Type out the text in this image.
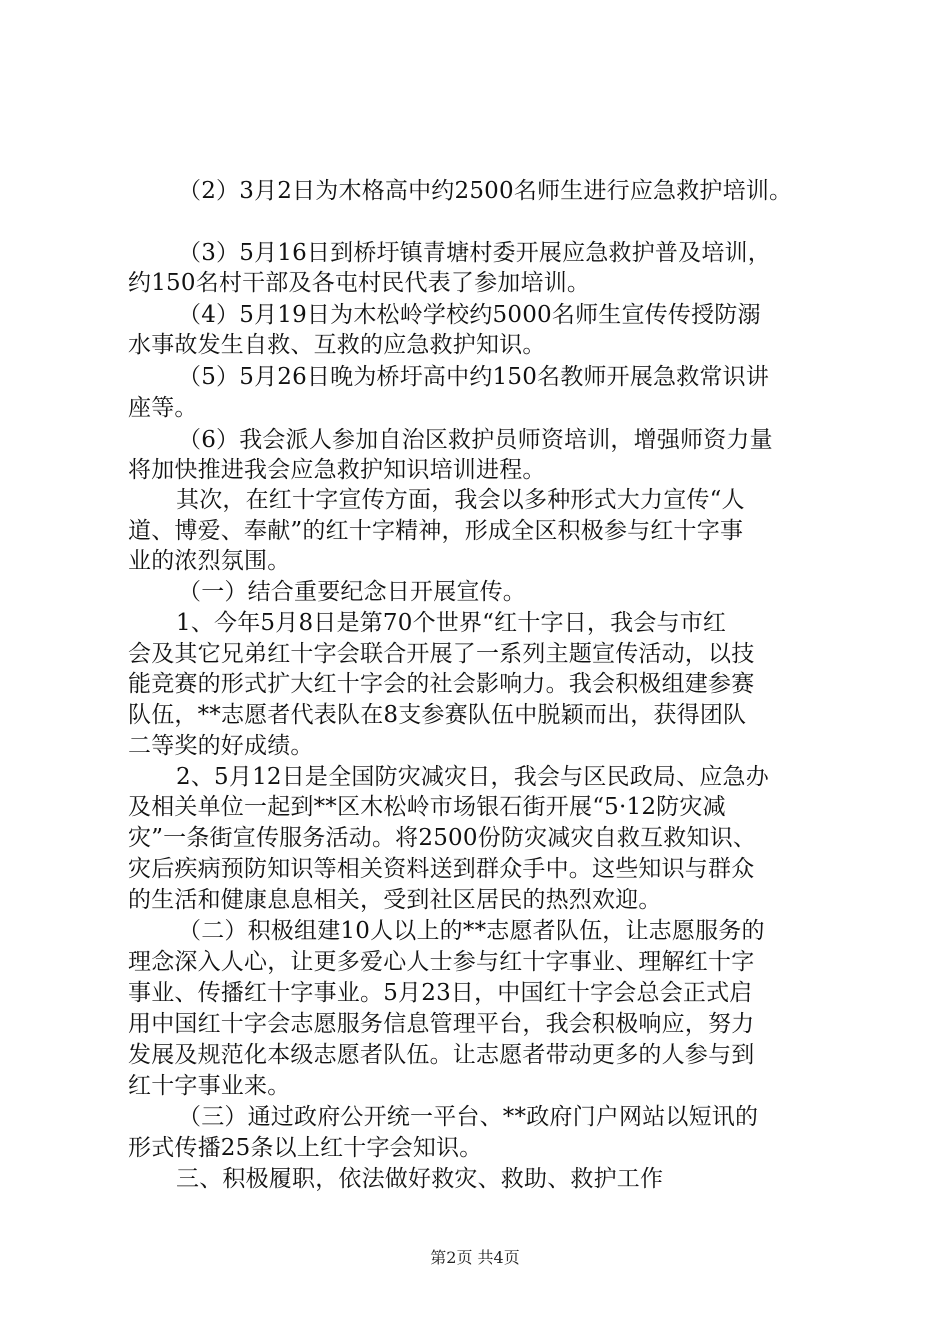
（2）3月2日为木格高中约2500名师生进行应急救护培训。
（3）5月16日到桥圩镇青塘村委开展应急救护普及培训，
约150名村干部及各屯村民代表了参加培训。
（4）5月19日为木松岭学校约5000名师生宣传传授防溺
水事故发生自救、互救的应急救护知识。
（5）5月26日晚为桥圩高中约150名教师开展急救常识讲
座等。
（6）我会派人参加自治区救护员师资培训，增强师资力量
将加快推进我会应急救护知识培训进程。
其次，在红十字宣传方面，我会以多种形式大力宣传“人
道、博爱、奉献”的红十字精神，形成全区积极参与红十字事
业的浓烈氛围。
（一）结合重要纪念日开展宣传。
1、今年5月8日是第70个世界“红十字日，我会与市红
会及其它兄弟红十字会联合开展了一系列主题宣传活动，以技
能竞赛的形式扩大红十字会的社会影响力。我会积极组建参赛
队伍，**志愿者代表队在8支参赛队伍中脱颖而出，获得团队
二等奖的好成绩。
2、5月12日是全国防灾减灾日，我会与区民政局、应急办
及相关单位一起到**区木松岭市场银石街开展“5·12防灾减
灾”一条街宣传服务活动。将2500份防灾减灾自救互救知识、
灾后疾病预防知识等相关资料送到群众手中。这些知识与群众
的生活和健康息息相关，受到社区居民的热烈欢迎。
（二）积极组建10人以上的**志愿者队伍，让志愿服务的
理念深入人心，让更多爱心人士参与红十字事业、理解红十字
事业、传播红十字事业。5月23日，中国红十字会总会正式启
用中国红十字会志愿服务信息管理平台，我会积极响应，努力
发展及规范化本级志愿者队伍。让志愿者带动更多的人参与到
红十字事业来。
（三）通过政府公开统一平台、**政府门户网站以短讯的
形式传播25条以上红十字会知识。
三、积极履职，依法做好救灾、救助、救护工作
第2页 共4页
